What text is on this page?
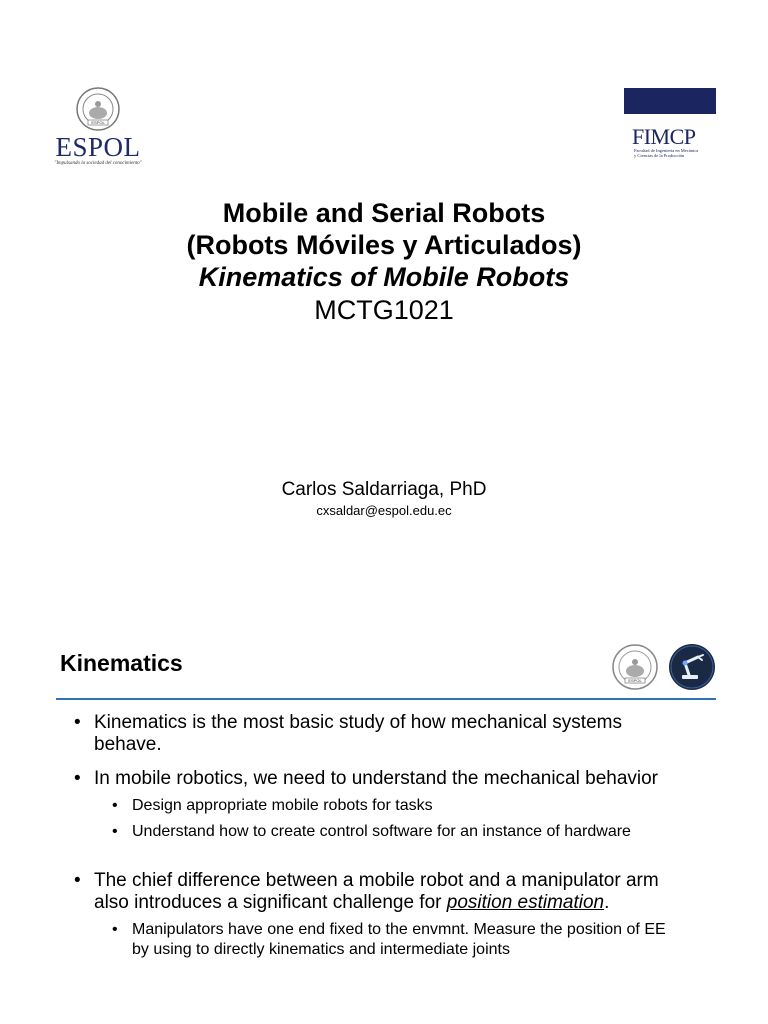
ESPOL
ESPOL
"Impulsando la sociedad del conocimiento"
FIMCP
Facultad de Ingeniería en Mecánica
y Ciencias de la Producción
Mobile and Serial Robots
(Robots Móviles y Articulados)
Kinematics of Mobile Robots
MCTG1021
Carlos Saldarriaga, PhD
cxsaldar@espol.edu.ec
Kinematics
ESPOL
• Kinematics is the most basic study of how mechanical systems behave.
• In mobile robotics, we need to understand the mechanical behavior
• Design appropriate mobile robots for tasks
• Understand how to create control software for an instance of hardware
• The chief difference between a mobile robot and a manipulator arm also introduces a significant challenge for position estimation.
• Manipulators have one end fixed to the envmnt. Measure the position of EE by using to directly kinematics and intermediate joints
